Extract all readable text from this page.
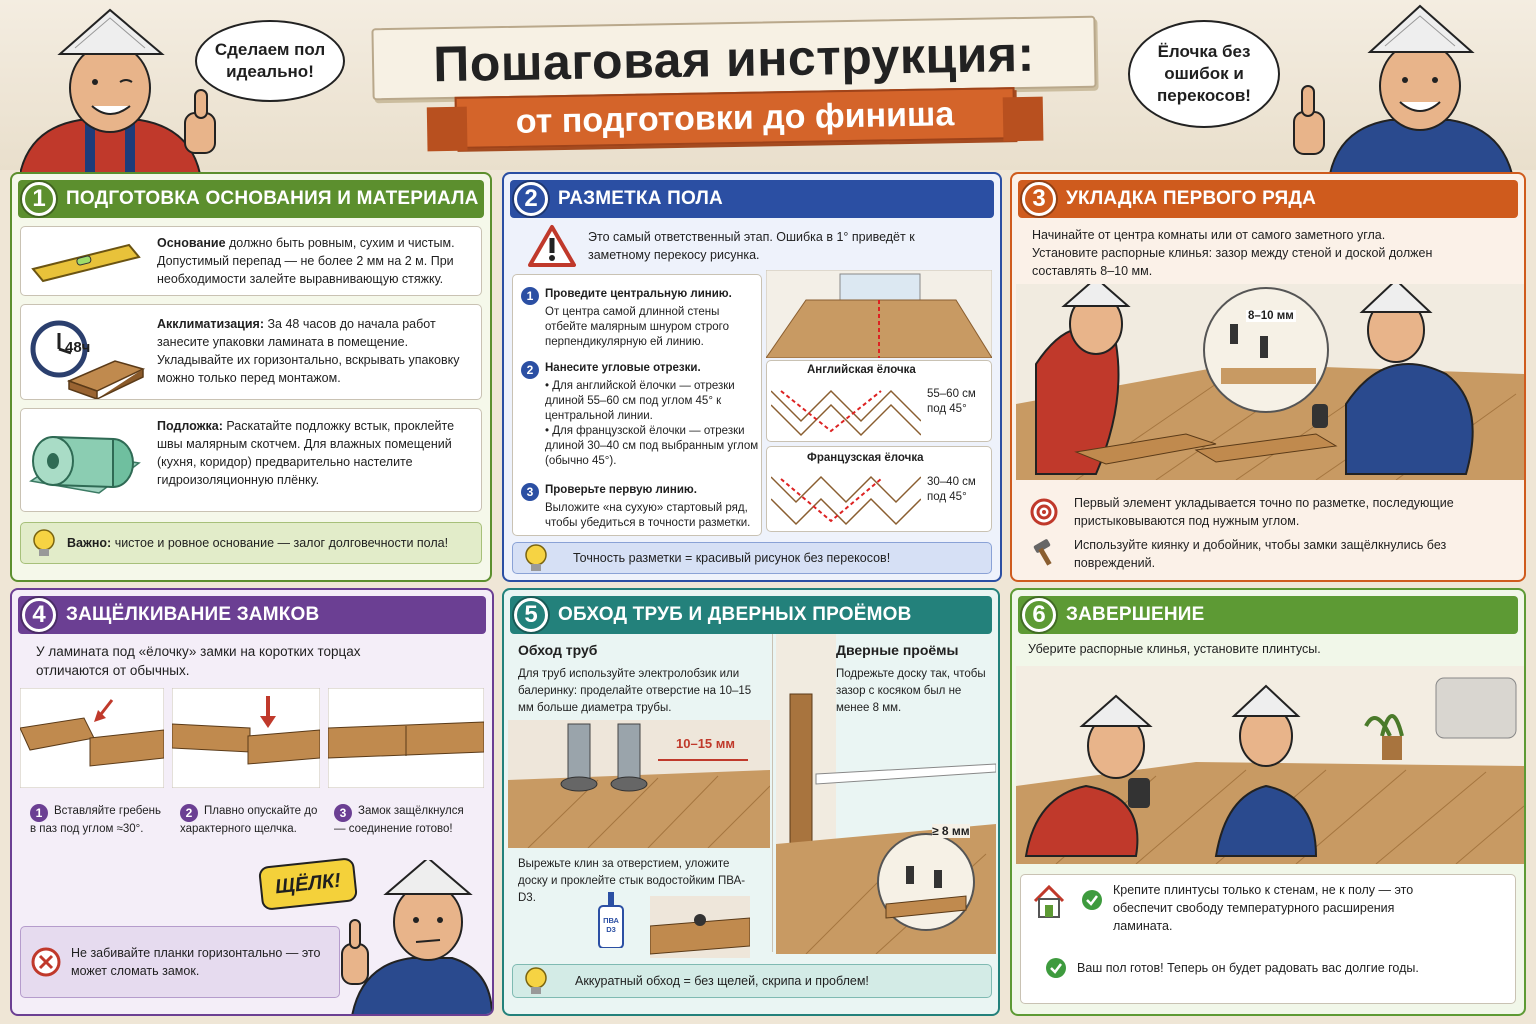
Сделаем пол идеально!
Ёлочка без ошибок и перекосов!
Пошаговая инструкция:
от подготовки до финиша
1	ПОДГОТОВКА ОСНОВАНИЯ И МАТЕРИАЛА
Основание должно быть ровным, сухим и чистым. Допустимый перепад — не более 2 мм на 2 м. При необходимости залейте выравнивающую стяжку.
48ч
Акклиматизация: За 48 часов до начала работ занесите упаковки ламината в помещение. Укладывайте их горизонтально, вскрывать упаковку можно только перед монтажом.
Подложка: Раскатайте подложку встык, проклейте швы малярным скотчем. Для влажных помещений (кухня, коридор) предварительно настелите гидроизоляционную плёнку.
Важно: чистое и ровное основание — залог долговечности пола!
2	РАЗМЕТКА ПОЛА
Это самый ответственный этап. Ошибка в 1° приведёт к заметному перекосу рисунка.
1 Проведите центральную линию.

От центра самой длинной стены отбейте малярным шнуром строго перпендикулярную ей линию.
2 Нанесите угловые отрезки.

• Для английской ёлочки — отрезки длиной 55–60 см под углом 45° к центральной линии.
• Для французской ёлочки — отрезки длиной 30–40 см под выбранным углом (обычно 45°).
3 Проверьте первую линию.

Выложите «на сухую» стартовый ряд, чтобы убедиться в точности разметки.
Английская ёлочка
55–60 см под 45°
Французская ёлочка
30–40 см под 45°
Точность разметки = красивый рисунок без перекосов!
3	УКЛАДКА ПЕРВОГО РЯДА
Начинайте от центра комнаты или от самого заметного угла. Установите распорные клинья: зазор между стеной и доской должен составлять 8–10 мм.
8–10 мм
Первый элемент укладывается точно по разметке, последующие пристыковываются под нужным углом.
Используйте киянку и добойник, чтобы замки защёлкнулись без повреждений.
4	ЗАЩЁЛКИВАНИЕ ЗАМКОВ
У ламината под «ёлочку» замки на коротких торцах отличаются от обычных.
1 Вставляйте гребень в паз под углом ≈30°.
2 Плавно опускайте до характерного щелчка.
3 Замок защёлкнулся — соединение готово!
ЩЁЛК!
Не забивайте планки горизонтально — это может сломать замок.
5	ОБХОД ТРУБ И ДВЕРНЫХ ПРОЁМОВ
Обход труб
Для труб используйте электролобзик или балеринку: проделайте отверстие на 10–15 мм больше диаметра трубы.
10–15 мм
Вырежьте клин за отверстием, уложите доску и проклейте стык водостойким ПВА-D3.
ПВА D3
Дверные проёмы
Подрежьте доску так, чтобы зазор с косяком был не менее 8 мм.
≥ 8 мм
Аккуратный обход = без щелей, скрипа и проблем!
6	ЗАВЕРШЕНИЕ
Уберите распорные клинья, установите плинтусы.
Крепите плинтусы только к стенам, не к полу — это обеспечит свободу температурного расширения ламината.
Ваш пол готов! Теперь он будет радовать вас долгие годы.
